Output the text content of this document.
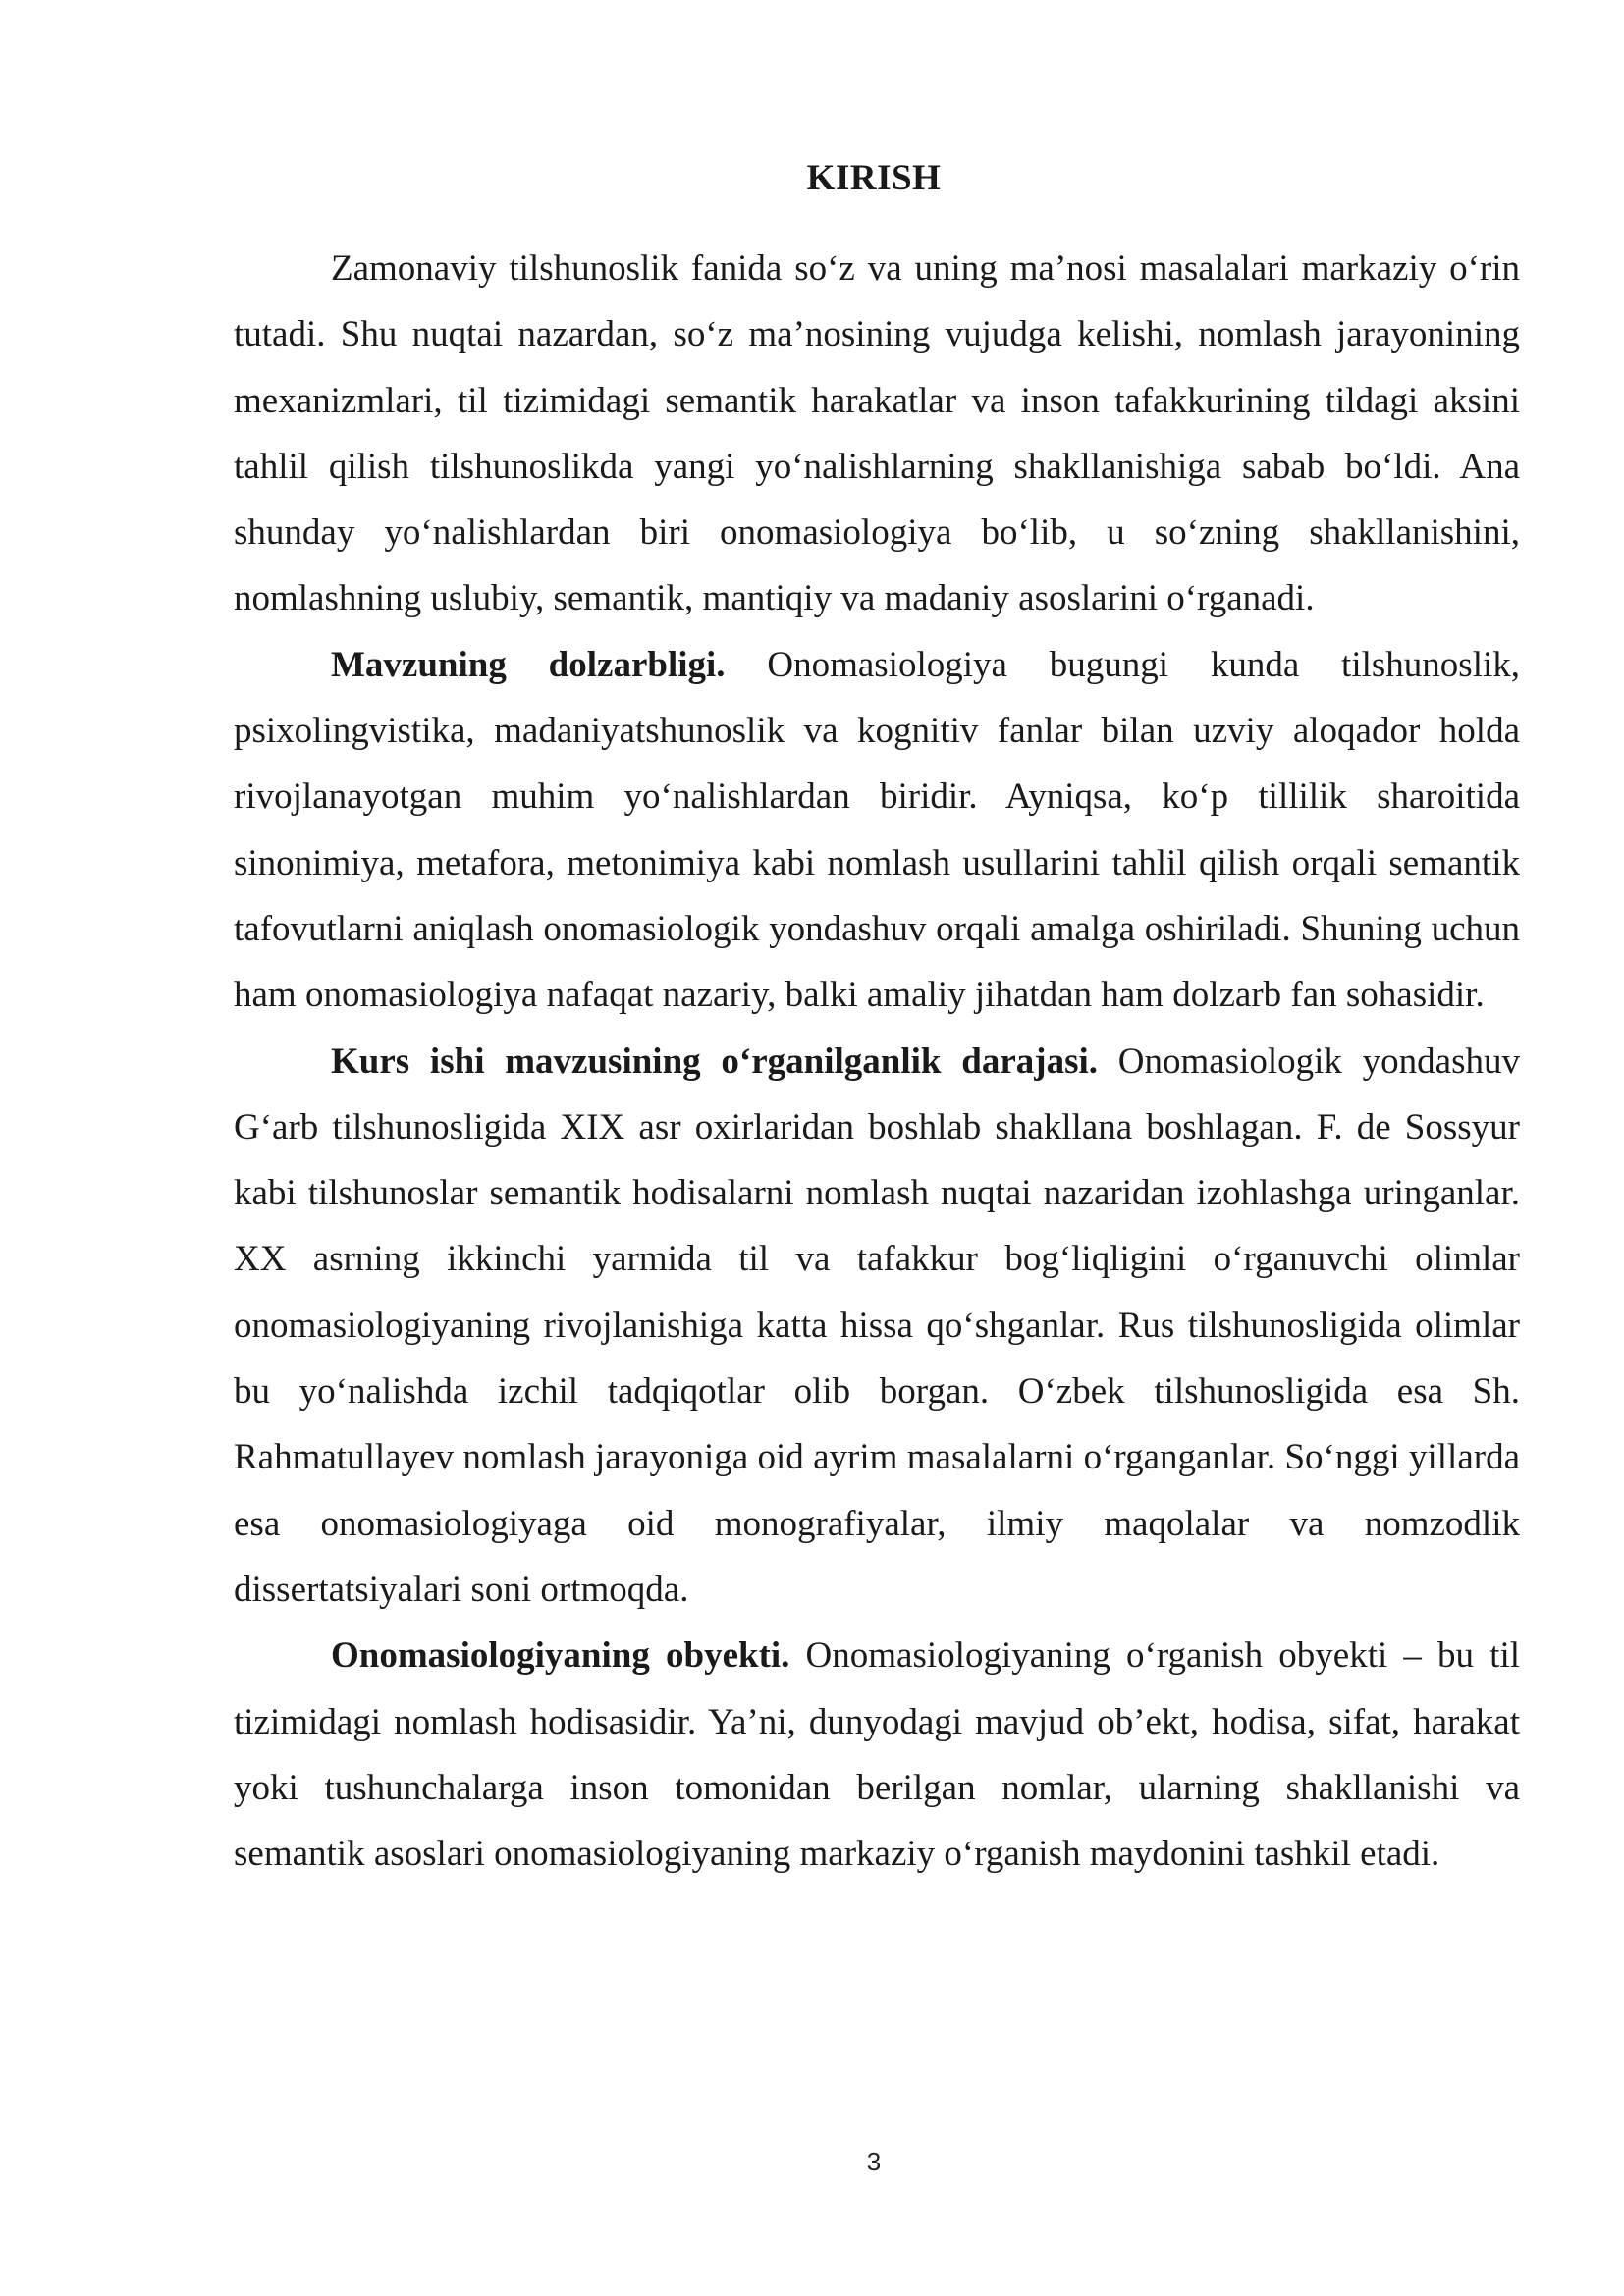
KIRISH

Zamonaviy tilshunoslik fanida so‘z va uning ma’nosi masalalari markaziy o‘rin tutadi. Shu nuqtai nazardan, so‘z ma’nosining vujudga kelishi, nomlash jarayonining mexanizmlari, til tizimidagi semantik harakatlar va inson tafakkurining tildagi aksini tahlil qilish tilshunoslikda yangi yo‘nalishlarning shakllanishiga sabab bo‘ldi. Ana shunday yo‘nalishlardan biri onomasiologiya bo‘lib, u so‘zning shakllanishini, nomlashning uslubiy, semantik, mantiqiy va madaniy asoslarini o‘rganadi.

Mavzuning dolzarbligi. Onomasiologiya bugungi kunda tilshunoslik, psixolingvistika, madaniyatshunoslik va kognitiv fanlar bilan uzviy aloqador holda rivojlanayotgan muhim yo‘nalishlardan biridir. Ayniqsa, ko‘p tillilik sharoitida sinonimiya, metafora, metonimiya kabi nomlash usullarini tahlil qilish orqali semantik tafovutlarni aniqlash onomasiologik yondashuv orqali amalga oshiriladi. Shuning uchun ham onomasiologiya nafaqat nazariy, balki amaliy jihatdan ham dolzarb fan sohasidir.

Kurs ishi mavzusining o‘rganilganlik darajasi. Onomasiologik yondashuv G‘arb tilshunosligida XIX asr oxirlaridan boshlab shakllana boshlagan. F. de Sossyur kabi tilshunoslar semantik hodisalarni nomlash nuqtai nazaridan izohlashga uringanlar. XX asrning ikkinchi yarmida til va tafakkur bog‘liqligini o‘rganuvchi olimlar onomasiologiyaning rivojlanishiga katta hissa qo‘shganlar. Rus tilshunosligida olimlar bu yo‘nalishda izchil tadqiqotlar olib borgan. O‘zbek tilshunosligida esa Sh. Rahmatullayev nomlash jarayoniga oid ayrim masalalarni o‘rganganlar. So‘nggi yillarda esa onomasiologiyaga oid monografiyalar, ilmiy maqolalar va nomzodlik dissertatsiyalari soni ortmoqda.

Onomasiologiyaning obyekti. Onomasiologiyaning o‘rganish obyekti – bu til tizimidagi nomlash hodisasidir. Ya’ni, dunyodagi mavjud ob’ekt, hodisa, sifat, harakat yoki tushunchalarga inson tomonidan berilgan nomlar, ularning shakllanishi va semantik asoslari onomasiologiyaning markaziy o‘rganish maydonini tashkil etadi.

3
